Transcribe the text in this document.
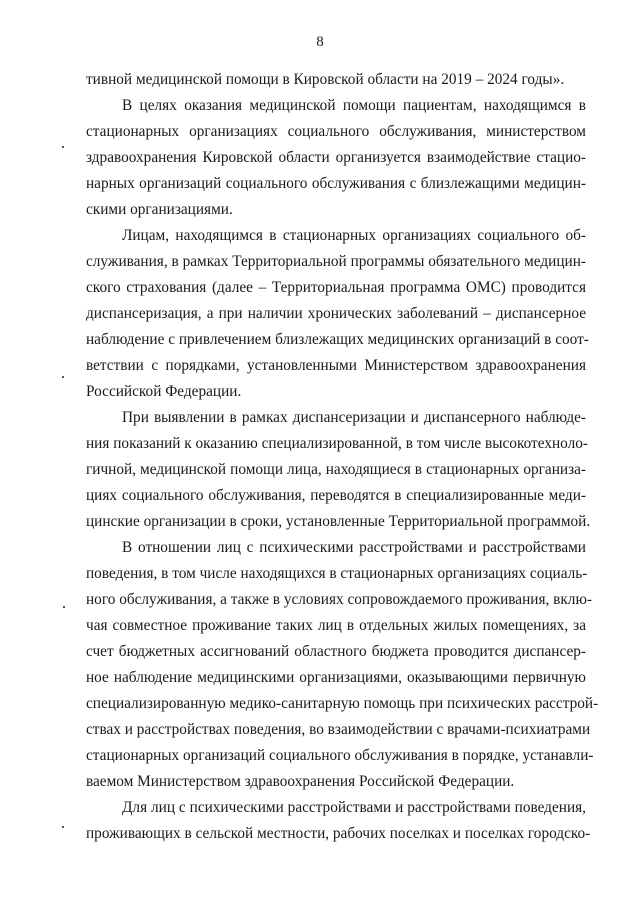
8
тивной медицинской помощи в Кировской области на 2019 – 2024 годы».
В целях оказания медицинской помощи пациентам, находящимся в
стационарных организациях социального обслуживания, министерством
здравоохранения Кировской области организуется взаимодействие стацио-
нарных организаций социального обслуживания с близлежащими медицин-
скими организациями.
Лицам, находящимся в стационарных организациях социального об-
служивания, в рамках Территориальной программы обязательного медицин-
ского страхования (далее – Территориальная программа ОМС) проводится
диспансеризация, а при наличии хронических заболеваний – диспансерное
наблюдение с привлечением близлежащих медицинских организаций в соот-
ветствии с порядками, установленными Министерством здравоохранения
Российской Федерации.
При выявлении в рамках диспансеризации и диспансерного наблюде-
ния показаний к оказанию специализированной, в том числе высокотехноло-
гичной, медицинской помощи лица, находящиеся в стационарных организа-
циях социального обслуживания, переводятся в специализированные меди-
цинские организации в сроки, установленные Территориальной программой.
В отношении лиц с психическими расстройствами и расстройствами
поведения, в том числе находящихся в стационарных организациях социаль-
ного обслуживания, а также в условиях сопровождаемого проживания, вклю-
чая совместное проживание таких лиц в отдельных жилых помещениях, за
счет бюджетных ассигнований областного бюджета проводится диспансер-
ное наблюдение медицинскими организациями, оказывающими первичную
специализированную медико-санитарную помощь при психических расстрой-
ствах и расстройствах поведения, во взаимодействии с врачами-психиатрами
стационарных организаций социального обслуживания в порядке, устанавли-
ваемом Министерством здравоохранения Российской Федерации.
Для лиц с психическими расстройствами и расстройствами поведения,
проживающих в сельской местности, рабочих поселках и поселках городско-
